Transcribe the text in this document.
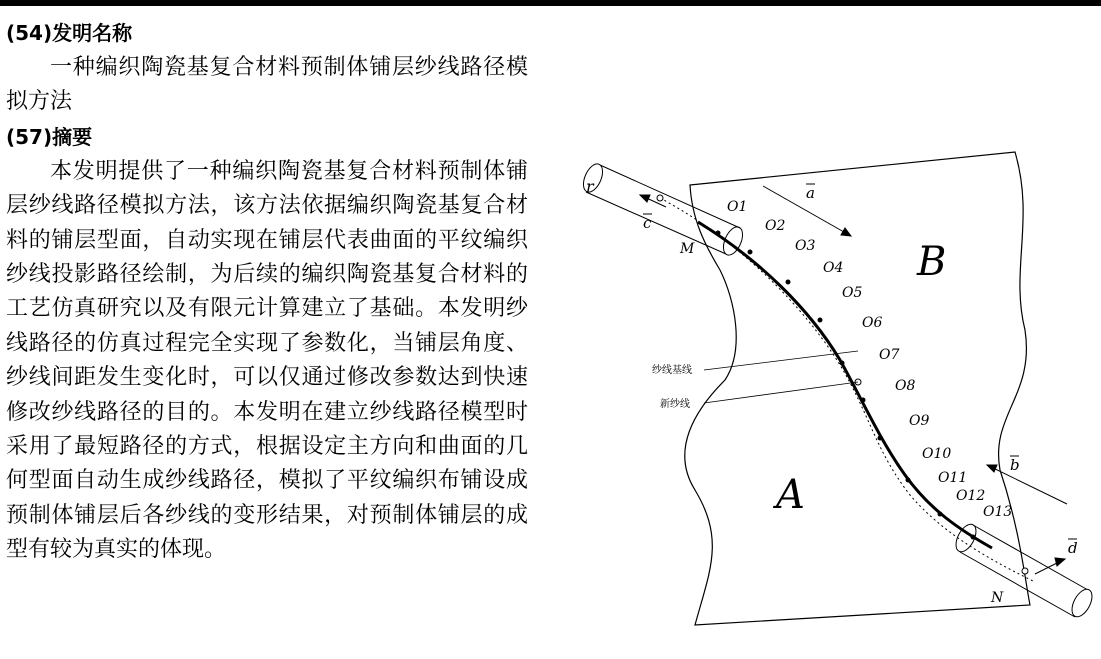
(54)发明名称

一种编织陶瓷基复合材料预制体铺层纱线路径模拟方法

(57)摘要

本发明提供了一种编织陶瓷基复合材料预制体铺层纱线路径模拟方法，该方法依据编织陶瓷基复合材料的铺层型面，自动实现在铺层代表曲面的平纹编织纱线投影路径绘制，为后续的编织陶瓷基复合材料的工艺仿真研究以及有限元计算建立了基础。本发明纱线路径的仿真过程完全实现了参数化，当铺层角度、纱线间距发生变化时，可以仅通过修改参数达到快速修改纱线路径的目的。本发明在建立纱线路径模型时采用了最短路径的方式，根据设定主方向和曲面的几何型面自动生成纱线路径，模拟了平纹编织布铺设成预制体铺层后各纱线的变形结果，对预制体铺层的成型有较为真实的体现。

B
A
M
N
r	a
c
b
d
O1
O2
O3
O4
O5
O6
O7
O8
O9
O10
O11
O12
O13
纱线基线
新纱线
